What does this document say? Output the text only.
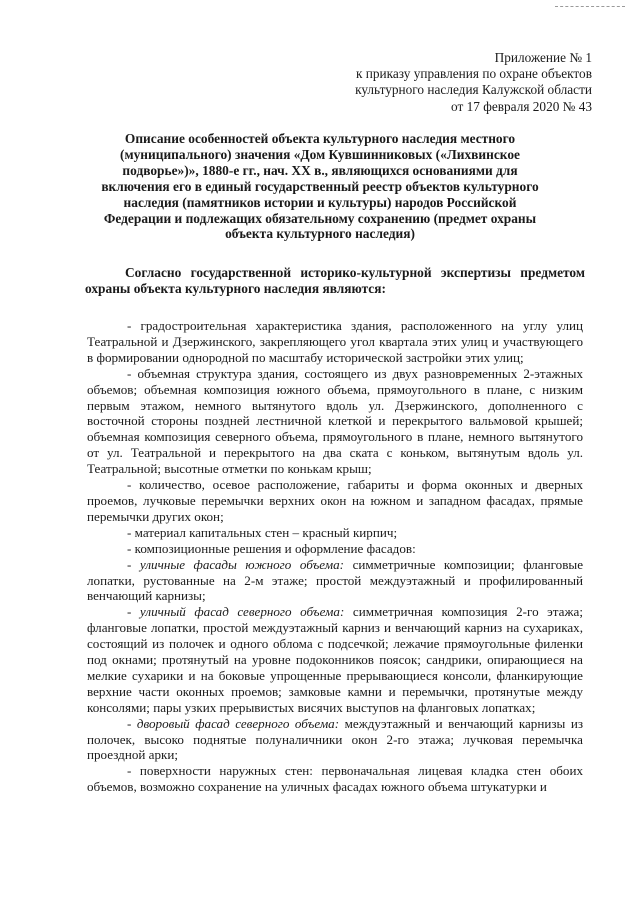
Приложение № 1
к приказу управления по охране объектов
культурного наследия Калужской области
от 17 февраля 2020 № 43
Описание особенностей объекта культурного наследия местного (муниципального) значения «Дом Кувшинниковых («Лихвинское подворье»)», 1880-е гг., нач. XX в., являющихся основаниями для включения его в единый государственный реестр объектов культурного наследия (памятников истории и культуры) народов Российской Федерации и подлежащих обязательному сохранению (предмет охраны объекта культурного наследия)
Согласно государственной историко-культурной экспертизы предметом охраны объекта культурного наследия являются:

- градостроительная характеристика здания, расположенного на углу улиц Театральной и Дзержинского, закрепляющего угол квартала этих улиц и участвующего в формировании однородной по масштабу исторической застройки этих улиц;

- объемная структура здания, состоящего из двух разновременных 2-этажных объемов; объемная композиция южного объема, прямоугольного в плане, с низким первым этажом, немного вытянутого вдоль ул. Дзержинского, дополненного с восточной стороны поздней лестничной клеткой и перекрытого вальмовой крышей; объемная композиция северного объема, прямоугольного в плане, немного вытянутого от ул. Театральной и перекрытого на два ската с коньком, вытянутым вдоль ул. Театральной; высотные отметки по конькам крыш;

- количество, осевое расположение, габариты и форма оконных и дверных проемов, лучковые перемычки верхних окон на южном и западном фасадах, прямые перемычки других окон;

- материал капитальных стен – красный кирпич;

- композиционные решения и оформление фасадов:

- уличные фасады южного объема: симметричные композиции; фланговые лопатки, рустованные на 2-м этаже; простой междуэтажный и профилированный венчающий карнизы;

- уличный фасад северного объема: симметричная композиция 2-го этажа; фланговые лопатки, простой междуэтажный карниз и венчающий карниз на сухариках, состоящий из полочек и одного облома с подсечкой; лежачие прямоугольные филенки под окнами; протянутый на уровне подоконников поясок; сандрики, опирающиеся на мелкие сухарики и на боковые упрощенные прерывающиеся консоли, фланкирующие верхние части оконных проемов; замковые камни и перемычки, протянутые между консолями; пары узких прерывистых висячих выступов на фланговых лопатках;

- дворовый фасад северного объема: междуэтажный и венчающий карнизы из полочек, высоко поднятые полуналичники окон 2-го этажа; лучковая перемычка проездной арки;

- поверхности наружных стен: первоначальная лицевая кладка стен обоих объемов, возможно сохранение на уличных фасадах южного объема штукатурки и
